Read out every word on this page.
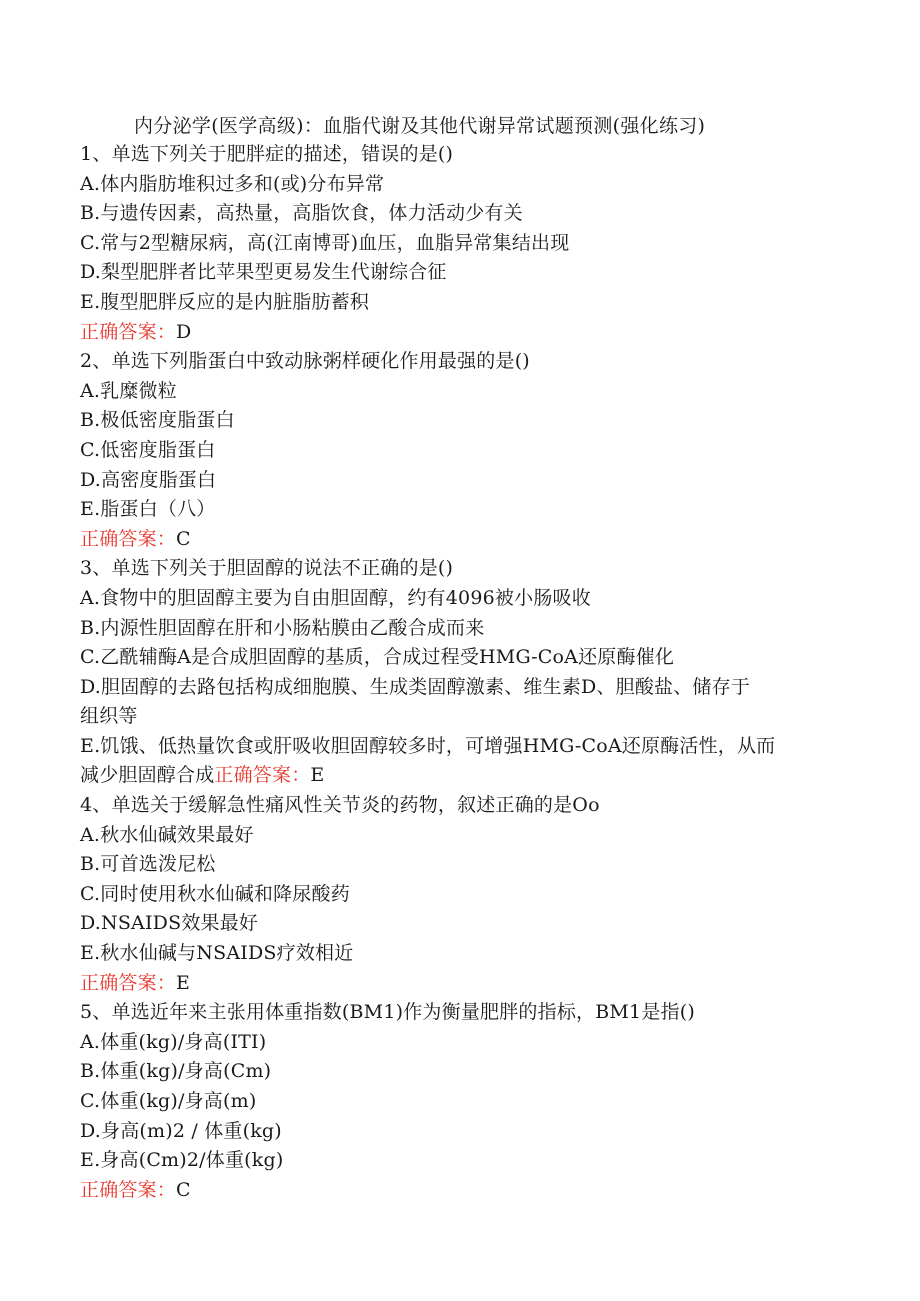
内分泌学(医学高级)：血脂代谢及其他代谢异常试题预测(强化练习)
1、单选下列关于肥胖症的描述，错误的是()
A.体内脂肪堆积过多和(或)分布异常
B.与遗传因素，高热量，高脂饮食，体力活动少有关
C.常与2型糖尿病，高(江南博哥)血压，血脂异常集结出现
D.梨型肥胖者比苹果型更易发生代谢综合征
E.腹型肥胖反应的是内脏脂肪蓄积
正确答案：D
2、单选下列脂蛋白中致动脉粥样硬化作用最强的是()
A.乳糜微粒
B.极低密度脂蛋白
C.低密度脂蛋白
D.高密度脂蛋白
E.脂蛋白（八）
正确答案：C
3、单选下列关于胆固醇的说法不正确的是()
A.食物中的胆固醇主要为自由胆固醇，约有4096被小肠吸收
B.内源性胆固醇在肝和小肠粘膜由乙酸合成而来
C.乙酰辅酶A是合成胆固醇的基质，合成过程受HMG-CoA还原酶催化
D.胆固醇的去路包括构成细胞膜、生成类固醇激素、维生素D、胆酸盐、储存于
组织等
E.饥饿、低热量饮食或肝吸收胆固醇较多时，可增强HMG-CoA还原酶活性，从而
减少胆固醇合成正确答案：E
4、单选关于缓解急性痛风性关节炎的药物，叙述正确的是Oo
A.秋水仙碱效果最好
B.可首选泼尼松
C.同时使用秋水仙碱和降尿酸药
D.NSAIDS效果最好
E.秋水仙碱与NSAIDS疗效相近
正确答案：E
5、单选近年来主张用体重指数(BM1)作为衡量肥胖的指标，BM1是指()
A.体重(kg)/身高(ITI)
B.体重(kg)/身高(Cm)
C.体重(kg)/身高(m)
D.身高(m)2 / 体重(kg)
E.身高(Cm)2/体重(kg)
正确答案：C
